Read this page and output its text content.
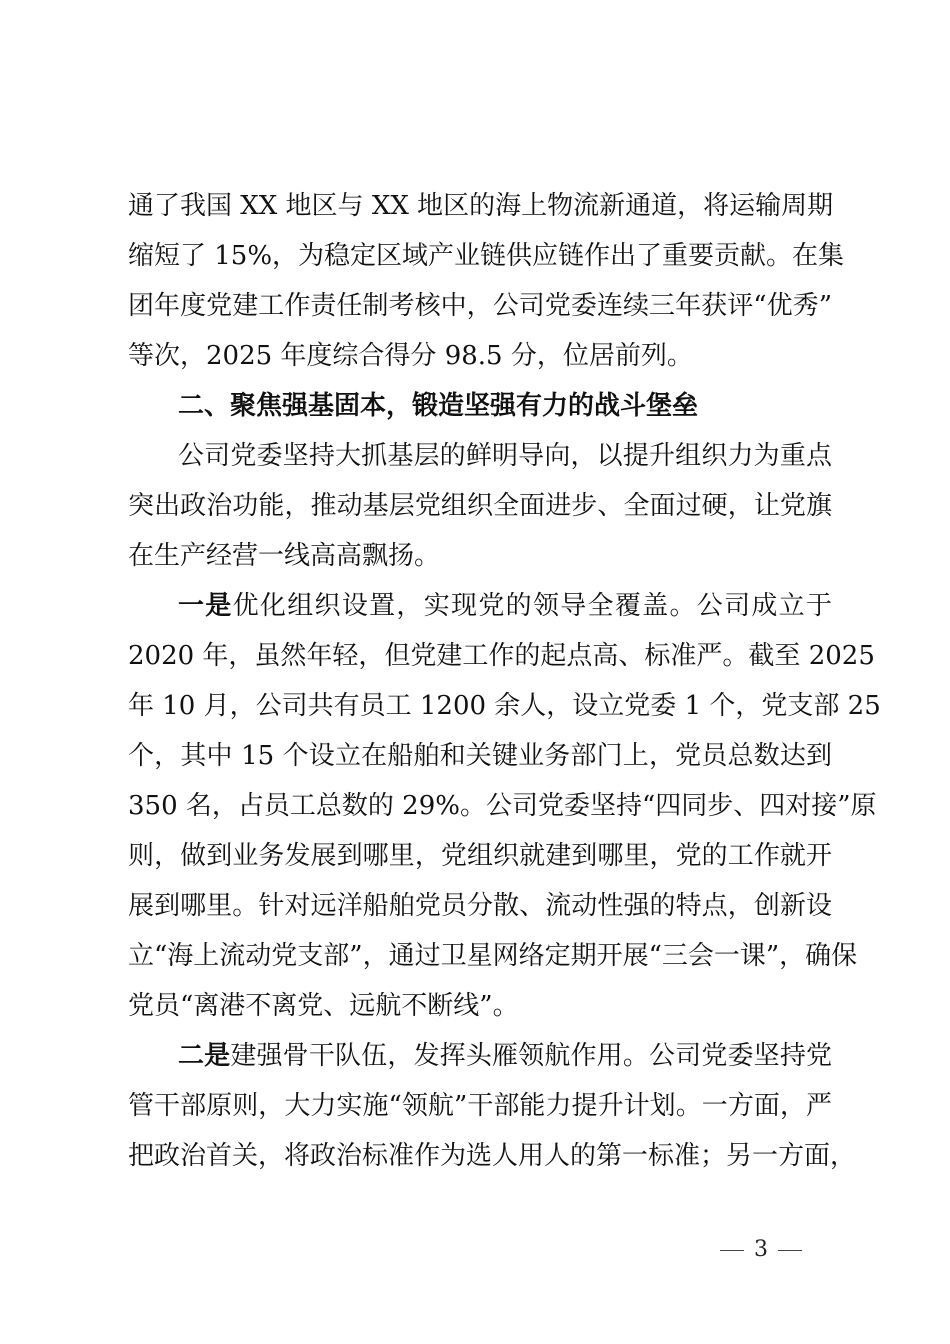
通了我国 XX 地区与 XX 地区的海上物流新通道，将运输周期
缩短了 15%，为稳定区域产业链供应链作出了重要贡献。在集
团年度党建工作责任制考核中，公司党委连续三年获评“优秀”
等次，2025 年度综合得分 98.5 分，位居前列。
二、聚焦强基固本，锻造坚强有力的战斗堡垒
公司党委坚持大抓基层的鲜明导向，以提升组织力为重点
突出政治功能，推动基层党组织全面进步、全面过硬，让党旗
在生产经营一线高高飘扬。
一是优化组织设置，实现党的领导全覆盖。公司成立于
2020 年，虽然年轻，但党建工作的起点高、标准严。截至 2025
年 10 月，公司共有员工 1200 余人，设立党委 1 个，党支部 25
个，其中 15 个设立在船舶和关键业务部门上，党员总数达到
350 名，占员工总数的 29%。公司党委坚持“四同步、四对接”原
则，做到业务发展到哪里，党组织就建到哪里，党的工作就开
展到哪里。针对远洋船舶党员分散、流动性强的特点，创新设
立“海上流动党支部”，通过卫星网络定期开展“三会一课”，确保
党员“离港不离党、远航不断线”。
二是建强骨干队伍，发挥头雁领航作用。公司党委坚持党
管干部原则，大力实施“领航”干部能力提升计划。一方面，严
把政治首关，将政治标准作为选人用人的第一标准；另一方面，
3
